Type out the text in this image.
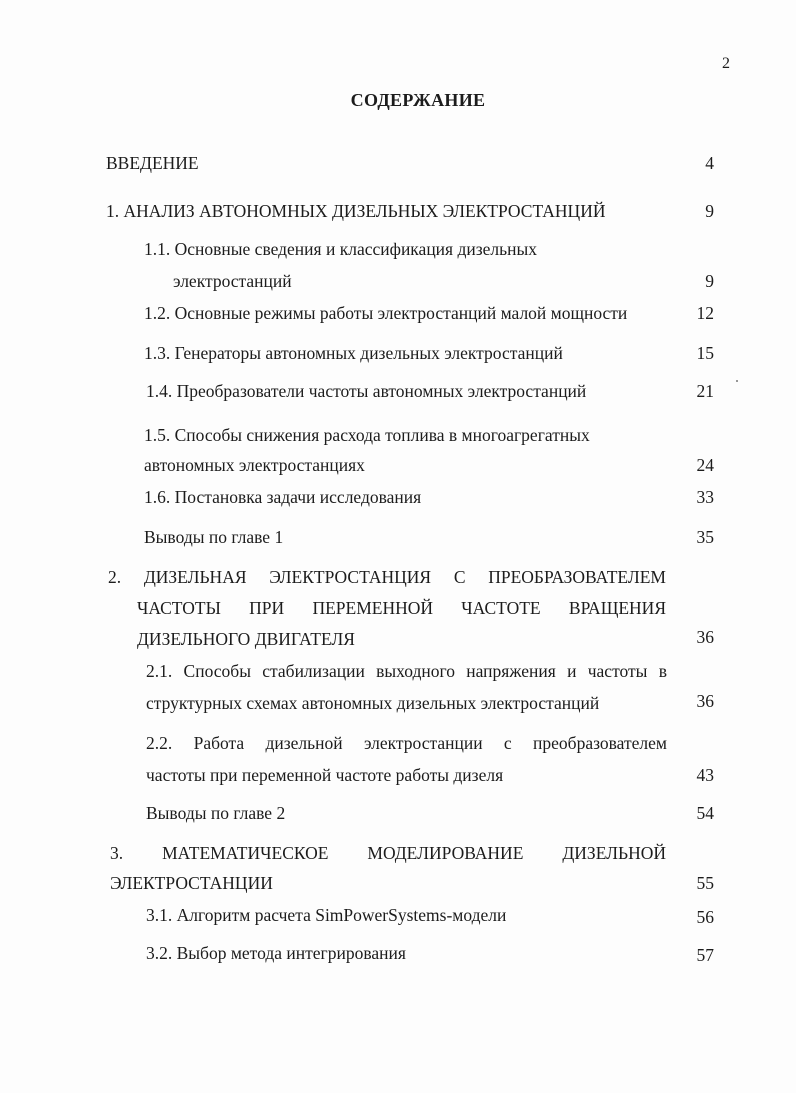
2
СОДЕРЖАНИЕ
ВВЕДЕНИЕ	4
1. АНАЛИЗ АВТОНОМНЫХ ДИЗЕЛЬНЫХ ЭЛЕКТРОСТАНЦИЙ	9
1.1. Основные сведения и классификация дизельных
электростанций	9
1.2. Основные режимы работы электростанций малой мощности	12
1.3. Генераторы автономных дизельных электростанций	15
1.4. Преобразователи частоты автономных электростанций	21
1.5. Способы снижения расхода топлива в многоагрегатных
автономных электростанциях	24
1.6. Постановка задачи исследования	33
Выводы по главе 1	35
2. ДИЗЕЛЬНАЯ ЭЛЕКТРОСТАНЦИЯ С ПРЕОБРАЗОВАТЕЛЕМ
ЧАСТОТЫ ПРИ ПЕРЕМЕННОЙ ЧАСТОТЕ ВРАЩЕНИЯ
ДИЗЕЛЬНОГО ДВИГАТЕЛЯ	36
2.1. Способы стабилизации выходного напряжения и частоты в
структурных схемах автономных дизельных электростанций	36
2.2. Работа дизельной электростанции с преобразователем
частоты при переменной частоте работы дизеля	43
Выводы по главе 2	54
3. МАТЕМАТИЧЕСКОЕ МОДЕЛИРОВАНИЕ ДИЗЕЛЬНОЙ
ЭЛЕКТРОСТАНЦИИ	55
3.1. Алгоритм расчета SimPowerSystems-модели	56
3.2. Выбор метода интегрирования	57
